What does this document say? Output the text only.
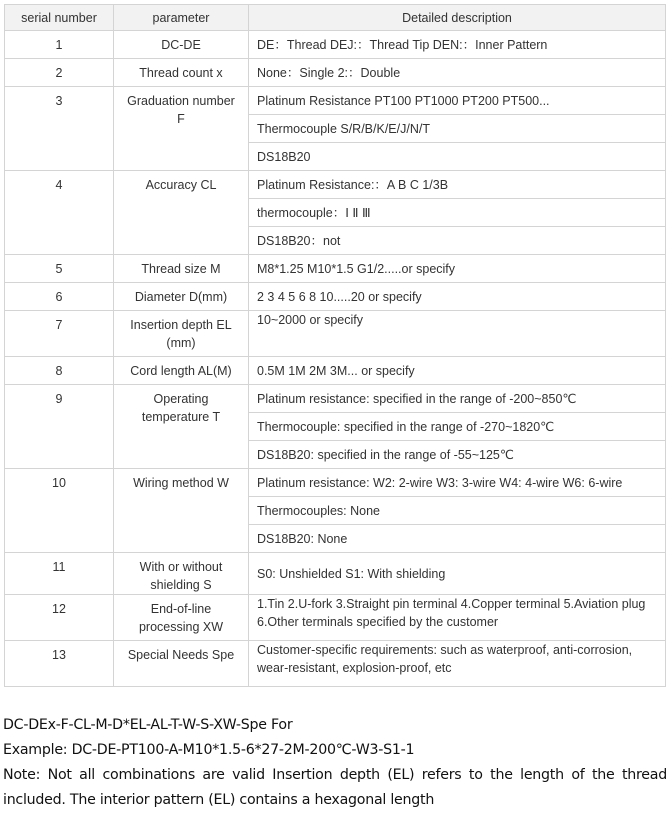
serial number	parameter	Detailed description
1	DC-DE	DE：Thread DEJ:：Thread Tip DEN:：Inner Pattern
2	Thread count x	None：Single 2:：Double
3	Graduation number F	Platinum Resistance PT100 PT1000 PT200 PT500...
		Thermocouple S/R/B/K/E/J/N/T
		DS18B20
4	Accuracy CL	Platinum Resistance:：A B C 1/3B
		thermocouple：Ⅰ Ⅱ Ⅲ
		DS18B20：not
5	Thread size M	M8*1.25 M10*1.5 G1/2.....or specify
6	Diameter D(mm)	2 3 4 5 6 8 10.....20 or specify
7	Insertion depth EL (mm)	10~2000 or specify
8	Cord length AL(M)	0.5M 1M 2M 3M... or specify
9	Operating temperature T	Platinum resistance: specified in the range of -200~850℃
		Thermocouple: specified in the range of -270~1820℃
		DS18B20: specified in the range of -55~125℃
10	Wiring method W	Platinum resistance: W2: 2-wire W3: 3-wire W4: 4-wire W6: 6-wire
		Thermocouples: None
		DS18B20: None
11	With or without shielding S	S0: Unshielded S1: With shielding
12	End-of-line processing XW	1.Tin 2.U-fork 3.Straight pin terminal 4.Copper terminal 5.Aviation plug 6.Other terminals specified by the customer
13	Special Needs Spe	Customer-specific requirements: such as waterproof, anti-corrosion, wear-resistant, explosion-proof, etc
DC-DEx-F-CL-M-D*EL-AL-T-W-S-XW-Spe For
Example: DC-DE-PT100-A-M10*1.5-6*27-2M-200℃-W3-S1-1
Note: Not all combinations are valid Insertion depth (EL) refers to the length of the thread
included. The interior pattern (EL) contains a hexagonal length
